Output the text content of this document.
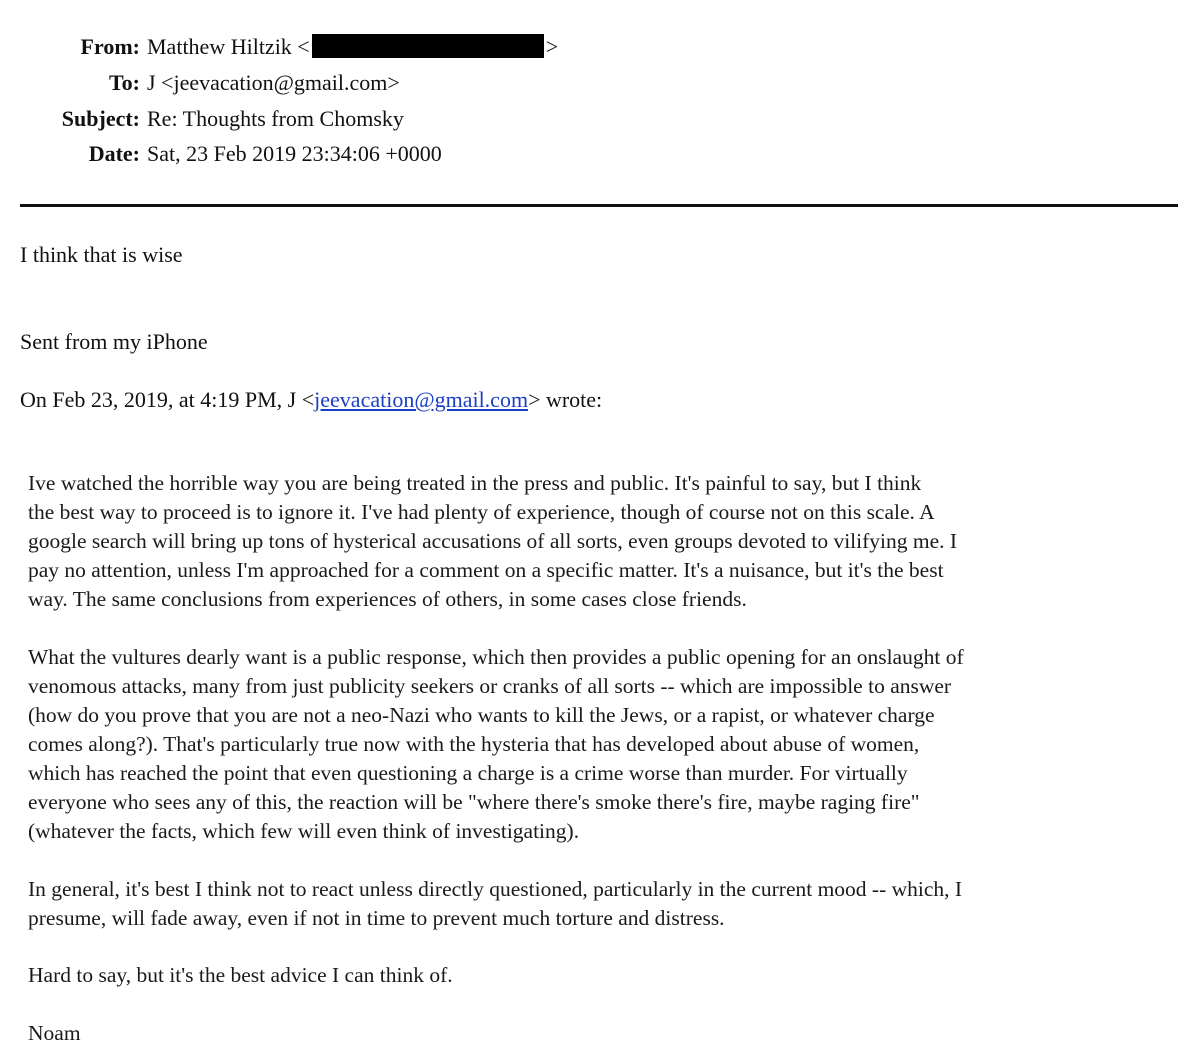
From: Matthew Hiltzik <	>
To: J <jeevacation@gmail.com>
Subject: Re: Thoughts from Chomsky
Date: Sat, 23 Feb 2019 23:34:06 +0000
I think that is wise
Sent from my iPhone
On Feb 23, 2019, at 4:19 PM, J <jeevacation@gmail.com> wrote:

Ive watched the horrible way you are being treated in the press and public. It's painful to say, but I think
the best way to proceed is to ignore it. I've had plenty of experience, though of course not on this scale. A
google search will bring up tons of hysterical accusations of all sorts, even groups devoted to vilifying me. I
pay no attention, unless I'm approached for a comment on a specific matter. It's a nuisance, but it's the best
way. The same conclusions from experiences of others, in some cases close friends.

What the vultures dearly want is a public response, which then provides a public opening for an onslaught of
venomous attacks, many from just publicity seekers or cranks of all sorts -- which are impossible to answer
(how do you prove that you are not a neo-Nazi who wants to kill the Jews, or a rapist, or whatever charge
comes along?). That's particularly true now with the hysteria that has developed about abuse of women,
which has reached the point that even questioning a charge is a crime worse than murder. For virtually
everyone who sees any of this, the reaction will be "where there's smoke there's fire, maybe raging fire"
(whatever the facts, which few will even think of investigating).

In general, it's best I think not to react unless directly questioned, particularly in the current mood -- which, I
presume, will fade away, even if not in time to prevent much torture and distress.

Hard to say, but it's the best advice I can think of.
Noam
